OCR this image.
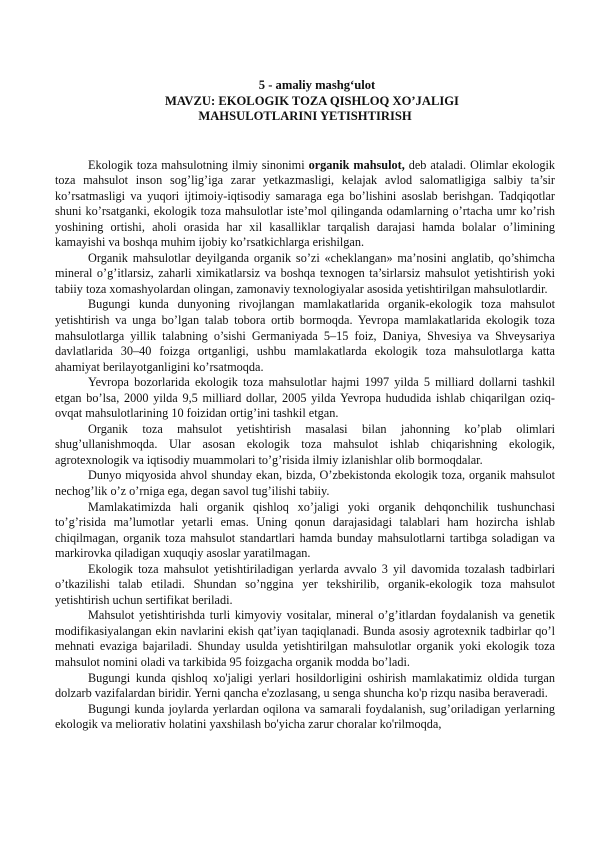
5 - amaliy mashg‘ulot
MAVZU: EKOLOGIK TOZA QISHLOQ XO’JALIGI
MAHSULOTLARINI YETISHTIRISH

Ekologik toza mahsulotning ilmiy sinonimi organik mahsulot, deb ataladi. Olimlar ekologik toza mahsulot inson sog’lig’iga zarar yetkazmasligi, kelajak avlod salomatligiga salbiy ta’sir ko’rsatmasligi va yuqori ijtimoiy-iqtisodiy samaraga ega bo’lishini asoslab berishgan. Tadqiqotlar shuni ko’rsatganki, ekologik toza mahsulotlar iste’mol qilinganda odamlarning o’rtacha umr ko’rish yoshining ortishi, aholi orasida har xil kasalliklar tarqalish darajasi hamda bolalar o’limining kamayishi va boshqa muhim ijobiy ko’rsatkichlarga erishilgan.

Organik mahsulotlar deyilganda organik so’zi «cheklangan» ma’nosini anglatib, qo’shimcha mineral o’g’itlarsiz, zaharli ximikatlarsiz va boshqa texnogen ta’sirlarsiz mahsulot yetishtirish yoki tabiiy toza xomashyolardan olingan, zamonaviy texnologiyalar asosida yetishtirilgan mahsulotlardir.

Bugungi kunda dunyoning rivojlangan mamlakatlarida organik-ekologik toza mahsulot yetishtirish va unga bo’lgan talab tobora ortib bormoqda. Yevropa mamlakatlarida ekologik toza mahsulotlarga yillik talabning o’sishi Germaniyada 5–15 foiz, Daniya, Shvesiya va Shveysariya davlatlarida 30–40 foizga ortganligi, ushbu mamlakatlarda ekologik toza mahsulotlarga katta ahamiyat berilayotganligini ko’rsatmoqda.

Yevropa bozorlarida ekologik toza mahsulotlar hajmi 1997 yilda 5 milliard dollarni tashkil etgan bo’lsa, 2000 yilda 9,5 milliard dollar, 2005 yilda Yevropa hududida ishlab chiqarilgan oziq-ovqat mahsulotlarining 10 foizidan ortig’ini tashkil etgan.

Organik toza mahsulot yetishtirish masalasi bilan jahonning ko’plab olimlari shug’ullanishmoqda. Ular asosan ekologik toza mahsulot ishlab chiqarishning ekologik, agrotexnologik va iqtisodiy muammolari to’g’risida ilmiy izlanishlar olib bormoqdalar.

Dunyo miqyosida ahvol shunday ekan, bizda, O’zbekistonda ekologik toza, organik mahsulot nechog’lik o’z o’rniga ega, degan savol tug’ilishi tabiiy.

Mamlakatimizda hali organik qishloq xo’jaligi yoki organik dehqonchilik tushunchasi to’g’risida ma’lumotlar yetarli emas. Uning qonun darajasidagi talablari ham hozircha ishlab chiqilmagan, organik toza mahsulot standartlari hamda bunday mahsulotlarni tartibga soladigan va markirovka qiladigan xuquqiy asoslar yaratilmagan.

Ekologik toza mahsulot yetishtiriladigan yerlarda avvalo 3 yil davomida tozalash tadbirlari o’tkazilishi talab etiladi. Shundan so’nggina yer tekshirilib, organik-ekologik toza mahsulot yetishtirish uchun sertifikat beriladi.

Mahsulot yetishtirishda turli kimyoviy vositalar, mineral o’g’itlardan foydalanish va genetik modifikasiyalangan ekin navlarini ekish qat’iyan taqiqlanadi. Bunda asosiy agrotexnik tadbirlar qo’l mehnati evaziga bajariladi. Shunday usulda yetishtirilgan mahsulotlar organik yoki ekologik toza mahsulot nomini oladi va tarkibida 95 foizgacha organik modda bo’ladi.

Bugungi kunda qishloq xo'jaligi yerlari hosildorligini oshirish mamlakatimiz oldida turgan dolzarb vazifalardan biridir. Yerni qancha e'zozlasang, u senga shuncha ko'p rizqu nasiba beraveradi.

Bugungi kunda joylarda yerlardan oqilona va samarali foydalanish, sug’oriladigan yerlarning ekologik va meliorativ holatini yaxshilash bo'yicha zarur choralar ko'rilmoqda,
